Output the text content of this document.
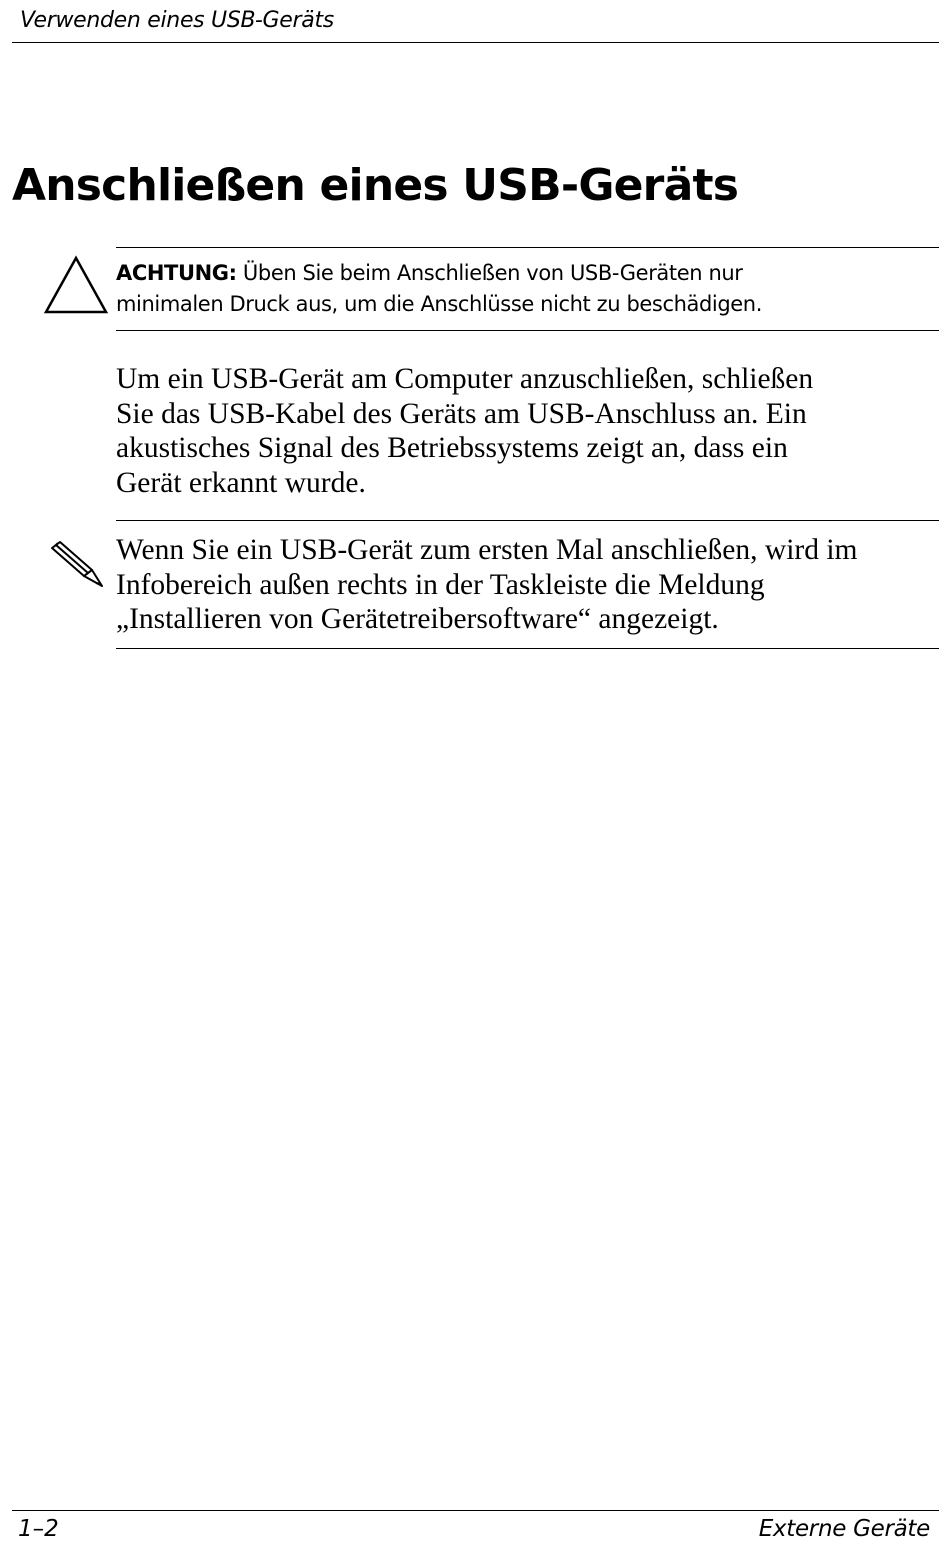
Verwenden eines USB-Geräts
Anschließen eines USB-Geräts
ACHTUNG: Üben Sie beim Anschließen von USB-Geräten nur
minimalen Druck aus, um die Anschlüsse nicht zu beschädigen.
Um ein USB-Gerät am Computer anzuschließen, schließen
Sie das USB-Kabel des Geräts am USB-Anschluss an. Ein
akustisches Signal des Betriebssystems zeigt an, dass ein
Gerät erkannt wurde.
Wenn Sie ein USB-Gerät zum ersten Mal anschließen, wird im
Infobereich außen rechts in der Taskleiste die Meldung
„Installieren von Gerätetreibersoftware“ angezeigt.
1–2	Externe Geräte
